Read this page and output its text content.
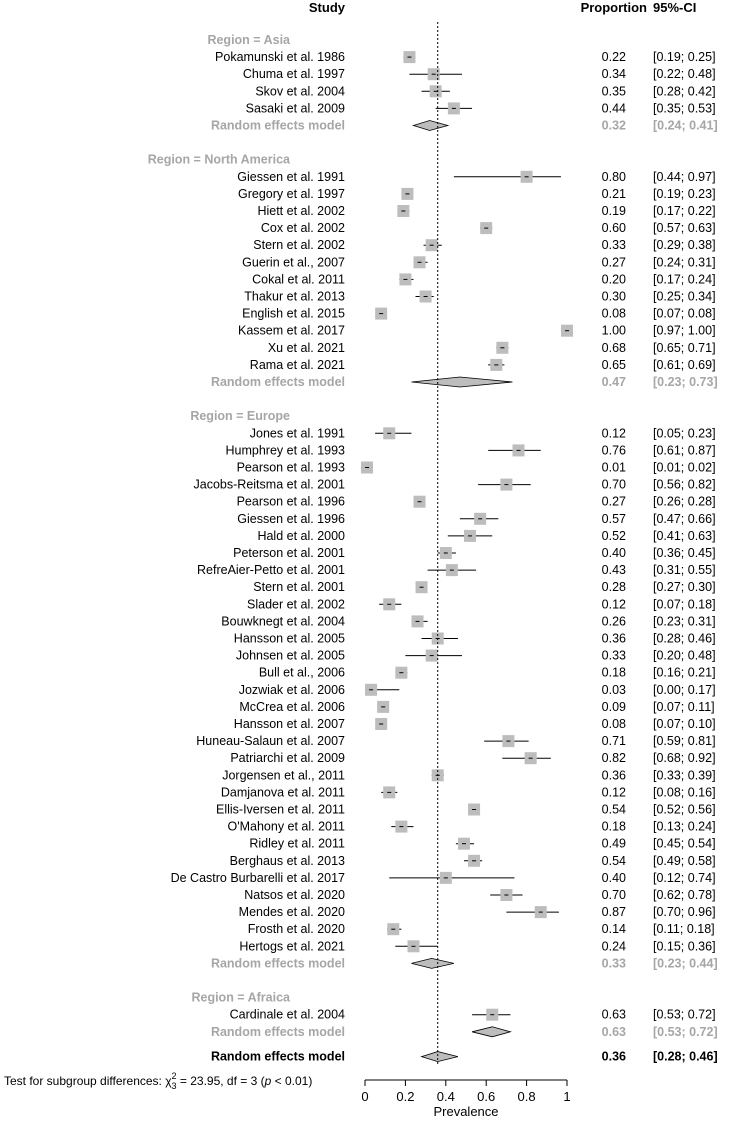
Study	Proportion 95%-CI
Region = Asia
Pokamunski et al. 1986	0.22 [0.19; 0.25]
Chuma et al. 1997	0.34 [0.22; 0.48]
Skov et al. 2004	0.35 [0.28; 0.42]
Sasaki et al. 2009	0.44 [0.35; 0.53]
Random effects model	0.32 [0.24; 0.41]
Region = North America
Giessen et al. 1991	0.80 [0.44; 0.97]
Gregory et al. 1997	0.21 [0.19; 0.23]
Hiett et al. 2002	0.19 [0.17; 0.22]
Cox et al. 2002	0.60 [0.57; 0.63]
Stern et al. 2002	0.33 [0.29; 0.38]
Guerin et al., 2007	0.27 [0.24; 0.31]
Cokal et al. 2011	0.20 [0.17; 0.24]
Thakur et al. 2013	0.30 [0.25; 0.34]
English et al. 2015	0.08 [0.07; 0.08]
Kassem et al. 2017	1.00 [0.97; 1.00]
Xu et al. 2021	0.68 [0.65; 0.71]
Rama et al. 2021	0.65 [0.61; 0.69]
Random effects model	0.47 [0.23; 0.73]
Region = Europe
Jones et al. 1991	0.12 [0.05; 0.23]
Humphrey et al. 1993	0.76 [0.61; 0.87]
Pearson et al. 1993	0.01 [0.01; 0.02]
Jacobs-Reitsma et al. 2001	0.70 [0.56; 0.82]
Pearson et al. 1996	0.27 [0.26; 0.28]
Giessen et al. 1996	0.57 [0.47; 0.66]
Hald et al. 2000	0.52 [0.41; 0.63]
Peterson et al. 2001	0.40 [0.36; 0.45]
RefreAier-Petto et al. 2001	0.43 [0.31; 0.55]
Stern et al. 2001	0.28 [0.27; 0.30]
Slader et al. 2002	0.12 [0.07; 0.18]
Bouwknegt et al. 2004	0.26 [0.23; 0.31]
Hansson et al. 2005	0.36 [0.28; 0.46]
Johnsen et al. 2005	0.33 [0.20; 0.48]
Bull et al., 2006	0.18 [0.16; 0.21]
Jozwiak et al. 2006	0.03 [0.00; 0.17]
McCrea et al. 2006	0.09 [0.07; 0.11]
Hansson et al. 2007	0.08 [0.07; 0.10]
Huneau-Salaun et al. 2007	0.71 [0.59; 0.81]
Patriarchi et al. 2009	0.82 [0.68; 0.92]
Jorgensen et al., 2011	0.36 [0.33; 0.39]
Damjanova et al. 2011	0.12 [0.08; 0.16]
Ellis-Iversen et al. 2011	0.54 [0.52; 0.56]
O'Mahony et al. 2011	0.18 [0.13; 0.24]
Ridley et al. 2011	0.49 [0.45; 0.54]
Berghaus et al. 2013	0.54 [0.49; 0.58]
De Castro Burbarelli et al. 2017	0.40 [0.12; 0.74]
Natsos et al. 2020	0.70 [0.62; 0.78]
Mendes et al. 2020	0.87 [0.70; 0.96]
Frosth et al. 2020	0.14 [0.11; 0.18]
Hertogs et al. 2021	0.24 [0.15; 0.36]
Random effects model	0.33 [0.23; 0.44]
Region = Afraica
Cardinale et al. 2004	0.63 [0.53; 0.72]
Random effects model	0.63 [0.53; 0.72]
Random effects model	0.36 [0.28; 0.46]
Prevalence
0 0.2 0.4 0.6 0.8 1
Test for subgroup differences: $\chi_32 = 23.95$, df = 3 (p < 0.01)
